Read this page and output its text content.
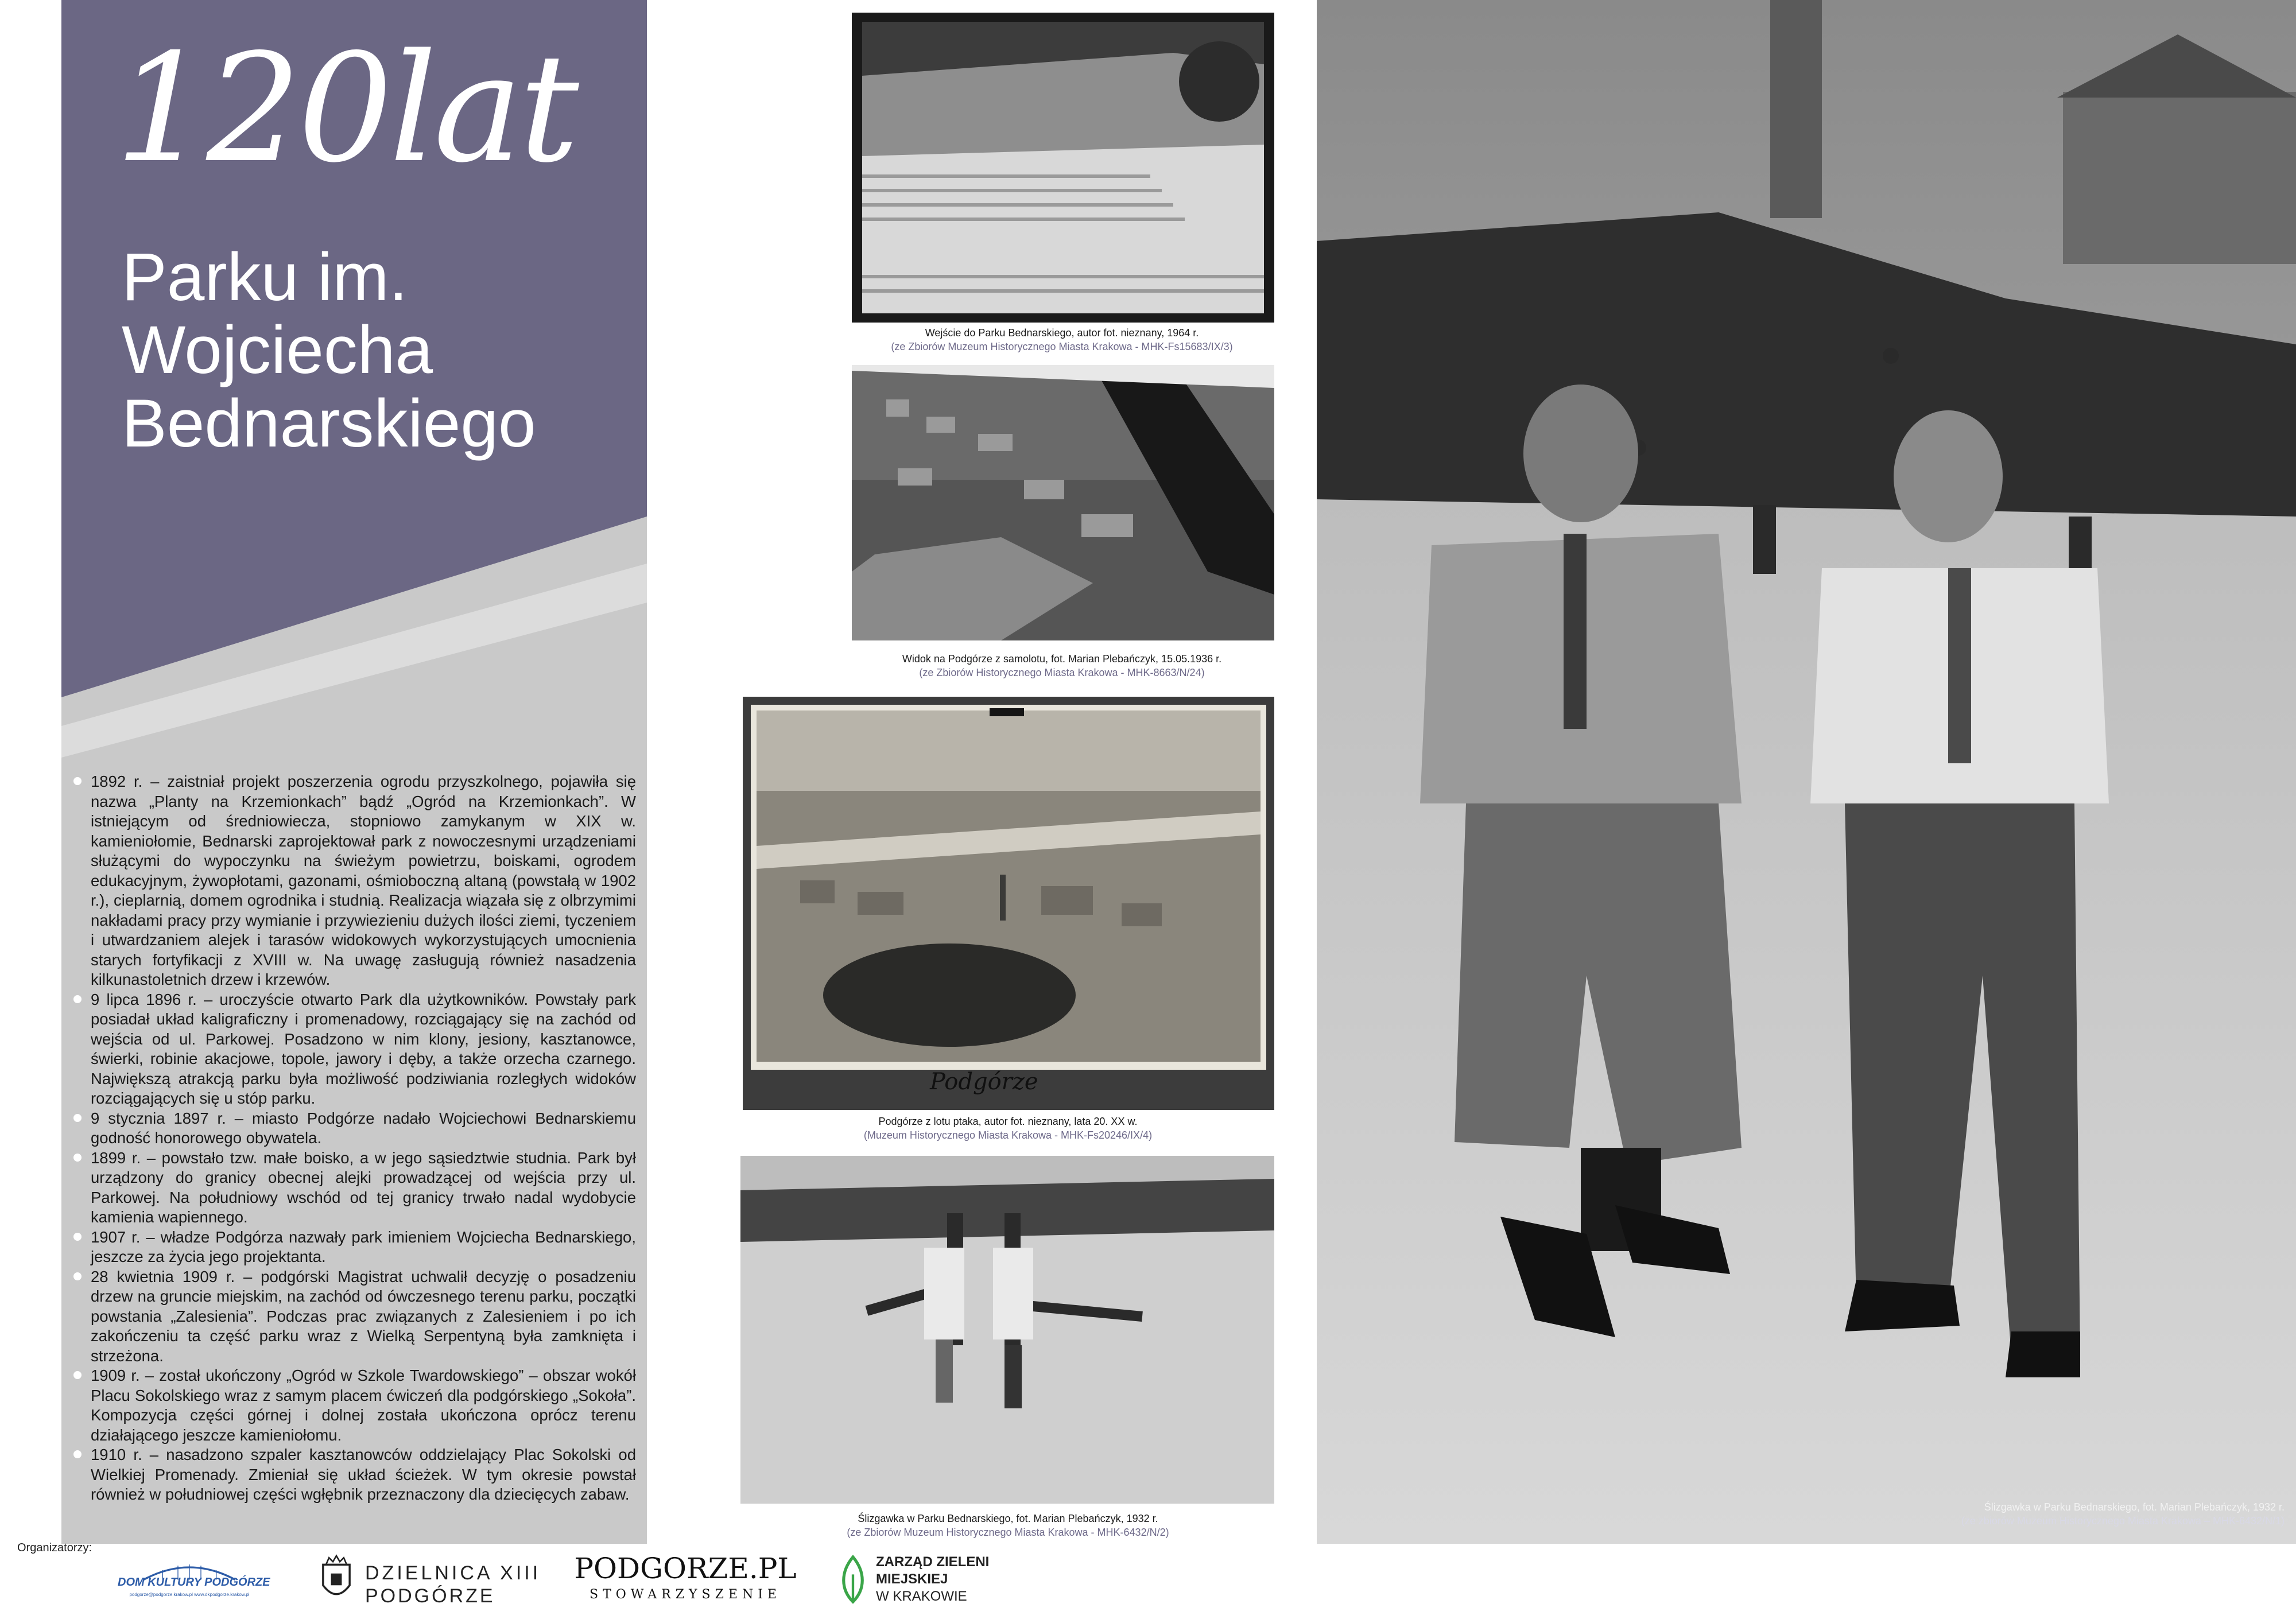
120lat
Parku im.
Wojciecha
Bednarskiego

1892 r. – zaistniał projekt poszerzenia ogrodu przyszkolnego, pojawiła się nazwa „Planty na Krzemionkach” bądź „Ogród na Krzemionkach”. W istniejącym od średniowiecza, stopniowo zamykanym w XIX w. kamieniołomie, Bednarski zaprojektował park z nowoczesnymi urządzeniami służącymi do wypoczynku na świeżym powietrzu, boiskami, ogrodem edukacyjnym, żywopłotami, gazonami, ośmioboczną altaną (powstałą w 1902 r.), cieplarnią, domem ogrodnika i studnią. Realizacja wiązała się z olbrzymimi nakładami pracy przy wymianie i przywiezieniu dużych ilości ziemi, tyczeniem i utwardzaniem alejek i tarasów widokowych wykorzystujących umocnienia starych fortyfikacji z XVIII w. Na uwagę zasługują również nasadzenia kilkunastoletnich drzew i krzewów.

9 lipca 1896 r. – uroczyście otwarto Park dla użytkowników. Powstały park posiadał układ kaligraficzny i promenadowy, rozciągający się na zachód od wejścia od ul. Parkowej. Posadzono w nim klony, jesiony, kasztanowce, świerki, robinie akacjowe, topole, jawory i dęby, a także orzecha czarnego. Największą atrakcją parku była możliwość podziwiania rozległych widoków rozciągających się u stóp parku.

9 stycznia 1897 r. – miasto Podgórze nadało Wojciechowi Bednarskiemu godność honorowego obywatela.

1899 r. – powstało tzw. małe boisko, a w jego sąsiedztwie studnia. Park był urządzony do granicy obecnej alejki prowadzącej od wejścia przy ul. Parkowej. Na południowy wschód od tej granicy trwało nadal wydobycie kamienia wapiennego.

1907 r. – władze Podgórza nazwały park imieniem Wojciecha Bednarskiego, jeszcze za życia jego projektanta.

28 kwietnia 1909 r. – podgórski Magistrat uchwalił decyzję o posadzeniu drzew na gruncie miejskim, na zachód od ówczesnego terenu parku, początki powstania „Zalesienia”. Podczas prac związanych z Zalesieniem i po ich zakończeniu ta część parku wraz z Wielką Serpentyną była zamknięta i strzeżona.

1909 r. – został ukończony „Ogród w Szkole Twardowskiego” – obszar wokół Placu Sokolskiego wraz z samym placem ćwiczeń dla podgórskiego „Sokoła”. Kompozycja części górnej i dolnej została ukończona oprócz terenu działającego jeszcze kamieniołomu.

1910 r. – nasadzono szpaler kasztanowców oddzielający Plac Sokolski od Wielkiej Promenady. Zmieniał się układ ścieżek. W tym okresie powstał również w południowej części wgłębnik przeznaczony dla dziecięcych zabaw.

Wejście do Parku Bednarskiego, autor fot. nieznany, 1964 r.
(ze Zbiorów Muzeum Historycznego Miasta Krakowa - MHK-Fs15683/IX/3)
Widok na Podgórze z samolotu, fot. Marian Plebańczyk, 15.05.1936 r.
(ze Zbiorów Historycznego Miasta Krakowa - MHK-8663/N/24)
Podgórze
Podgórze z lotu ptaka, autor fot. nieznany, lata 20. XX w.
(Muzeum Historycznego Miasta Krakowa - MHK-Fs20246/IX/4)
Ślizgawka w Parku Bednarskiego, fot. Marian Plebańczyk, 1932 r.
(ze Zbiorów Muzeum Historycznego Miasta Krakowa - MHK-6432/N/2)
Ślizgawka w Parku Bednarskiego, fot. Marian Plebańczyk, 1932 r.
(ze zbiorów Muzeum Historycznego Miasta Krakowa – MHK-6432/N/1)
Organizatorzy:
DOM KULTURY PODGÓRZE
podgorze@podgorze.krakow.pl www.dkpodgorze.krakow.pl
DZIELNICA XIII
PODGÓRZE
PODGORZE.PL
STOWARZYSZENIE
ZARZĄD ZIELENI
MIEJSKIEJ
W KRAKOWIE
